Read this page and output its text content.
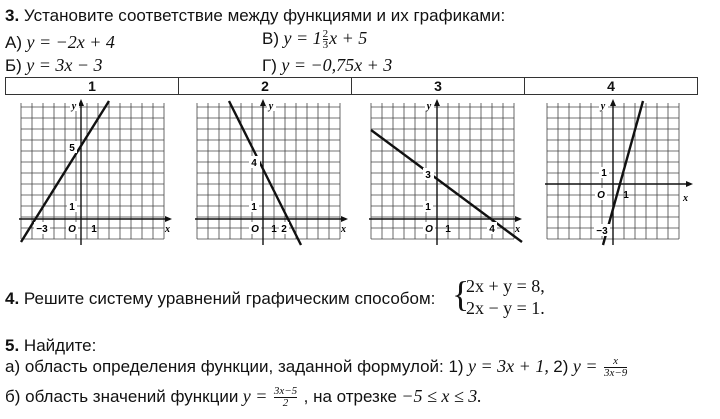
3. Установите соответствие между функциями и их графиками:
А) y = −2x + 4
Б) y = 3x − 3
В) $y = 1 \frac{2}{3}$ x + 5
Г) y = −0,75x + 3
1	2	3	4
y
x
O
5
1
−3	1
y
x
O
4
1
1 2
y
x
O
3
1
1	4
y
x
O
1
1
−3
4. Решите систему уравнений графическим способом: {
2x + y = 8,
2x − y = 1.
5. Найдите:
а) область определения функции, заданной формулой: 1) y = 3x + 1, 2) $y = \frac{x}{3x-9}$
б) область значений функции $y = \frac{3x-5}{2}$ , на отрезке −5 ≤ x ≤ 3.
